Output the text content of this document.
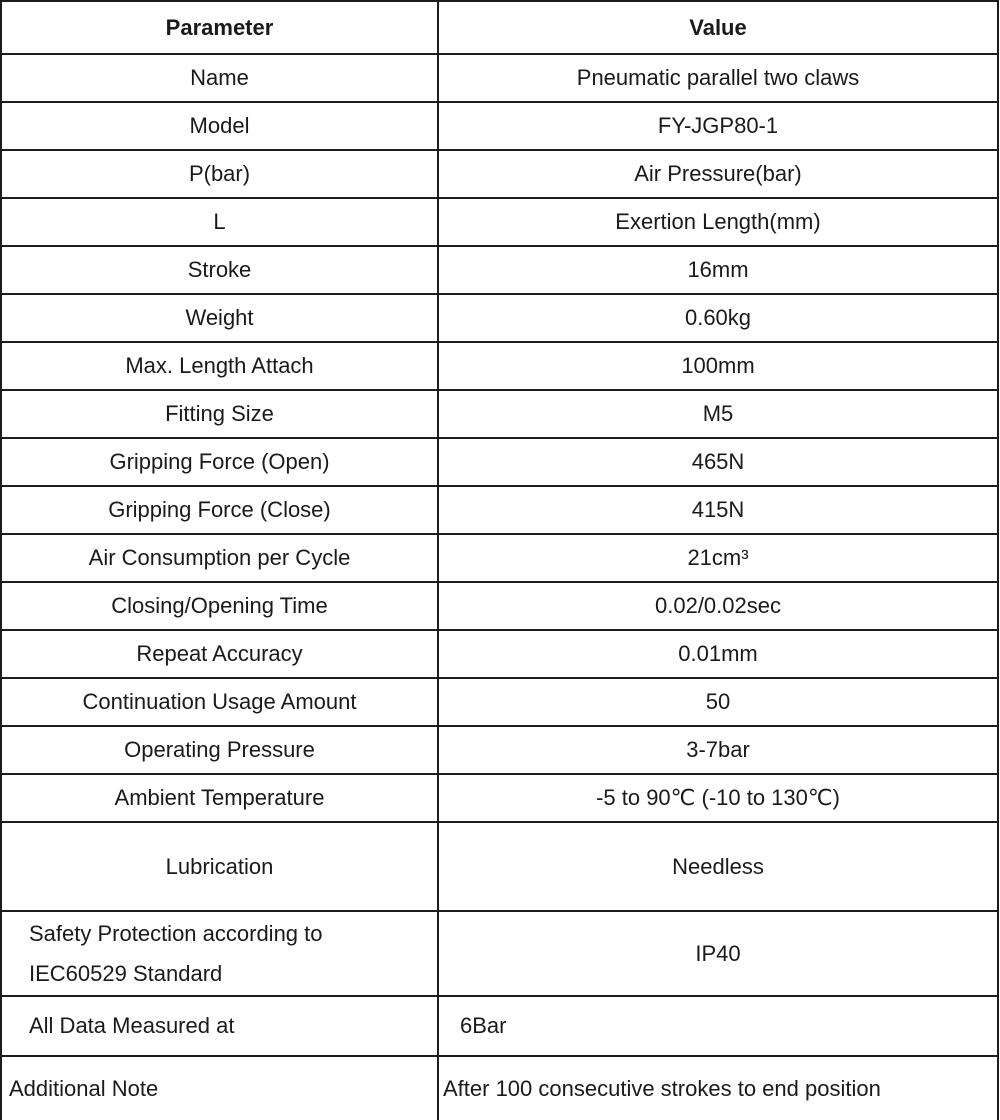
Parameter	Value
Name	Pneumatic parallel two claws
Model	FY-JGP80-1
P(bar)	Air Pressure(bar)
L	Exertion Length(mm)
Stroke	16mm
Weight	0.60kg
Max. Length Attach	100mm
Fitting Size	M5
Gripping Force (Open)	465N
Gripping Force (Close)	415N
Air Consumption per Cycle	21cm³
Closing/Opening Time	0.02/0.02sec
Repeat Accuracy	0.01mm
Continuation Usage Amount	50
Operating Pressure	3-7bar
Ambient Temperature	-5 to 90℃ (-10 to 130℃)
Lubrication	Needless
Safety Protection according to IEC60529 Standard	IP40
All Data Measured at	6Bar
Additional Note	After 100 consecutive strokes to end position
